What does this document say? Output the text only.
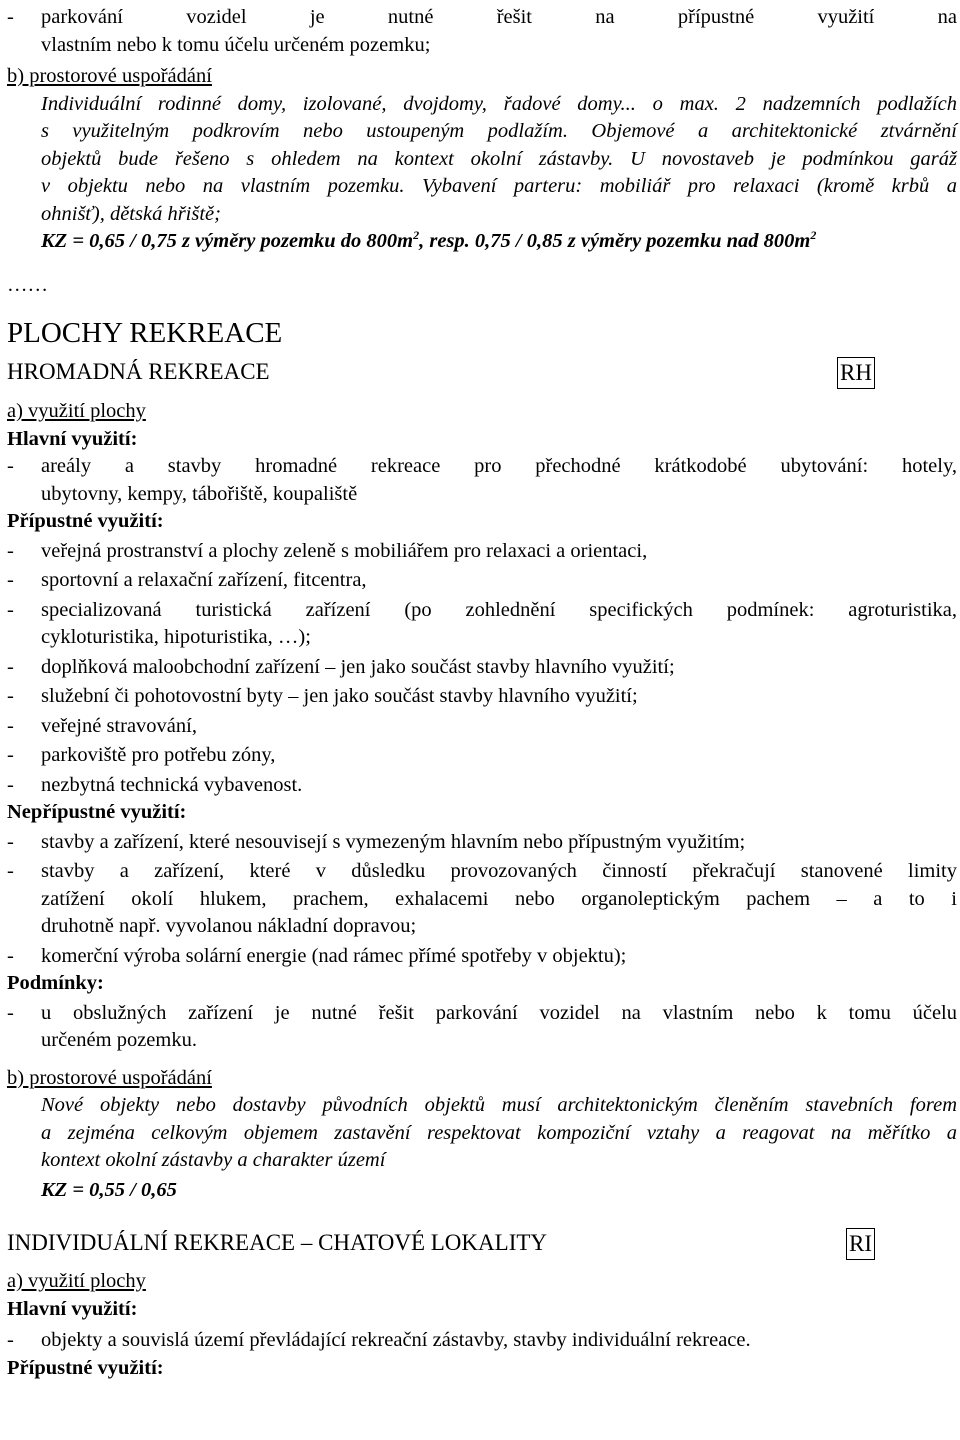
- parkování vozidel je nutné řešit na přípustné využití na
vlastním nebo k tomu účelu určeném pozemku;
b) prostorové uspořádání
Individuální rodinné domy, izolované, dvojdomy, řadové domy... o max. 2 nadzemních podlažích
s využitelným podkrovím nebo ustoupeným podlažím. Objemové a architektonické ztvárnění
objektů bude řešeno s ohledem na kontext okolní zástavby. U novostaveb je podmínkou garáž
v objektu nebo na vlastním pozemku. Vybavení parteru: mobiliář pro relaxaci (kromě krbů a
ohnišť), dětská hřiště;
KZ = 0,65 / 0,75 z výměry pozemku do $800m^2$, resp. 0,75 / 0,85 z výměry pozemku nad $800m^2$
……
PLOCHY REKREACE
HROMADNÁ REKREACE	RH
a) využití plochy
Hlavní využití:
- areály a stavby hromadné rekreace pro přechodné krátkodobé ubytování: hotely,
ubytovny, kempy, tábořiště, koupaliště
Přípustné využití:
- veřejná prostranství a plochy zeleně s mobiliářem pro relaxaci a orientaci,
- sportovní a relaxační zařízení, fitcentra,
- specializovaná turistická zařízení (po zohlednění specifických podmínek: agroturistika,
cykloturistika, hipoturistika, …);
- doplňková maloobchodní zařízení – jen jako součást stavby hlavního využití;
- služební či pohotovostní byty – jen jako součást stavby hlavního využití;
- veřejné stravování,
- parkoviště pro potřebu zóny,
- nezbytná technická vybavenost.
Nepřípustné využití:
- stavby a zařízení, které nesouvisejí s vymezeným hlavním nebo přípustným využitím;
- stavby a zařízení, které v důsledku provozovaných činností překračují stanovené limity
zatížení okolí hlukem, prachem, exhalacemi nebo organoleptickým pachem – a to i
druhotně např. vyvolanou nákladní dopravou;
- komerční výroba solární energie (nad rámec přímé spotřeby v objektu);
Podmínky:
- u obslužných zařízení je nutné řešit parkování vozidel na vlastním nebo k tomu účelu
určeném pozemku.
b) prostorové uspořádání
Nové objekty nebo dostavby původních objektů musí architektonickým členěním stavebních forem
a zejména celkovým objemem zastavění respektovat kompoziční vztahy a reagovat na měřítko a
kontext okolní zástavby a charakter území
KZ = 0,55 / 0,65
INDIVIDUÁLNÍ REKREACE – CHATOVÉ LOKALITY	RI
a) využití plochy
Hlavní využití:
- objekty a souvislá území převládající rekreační zástavby, stavby individuální rekreace.
Přípustné využití:
